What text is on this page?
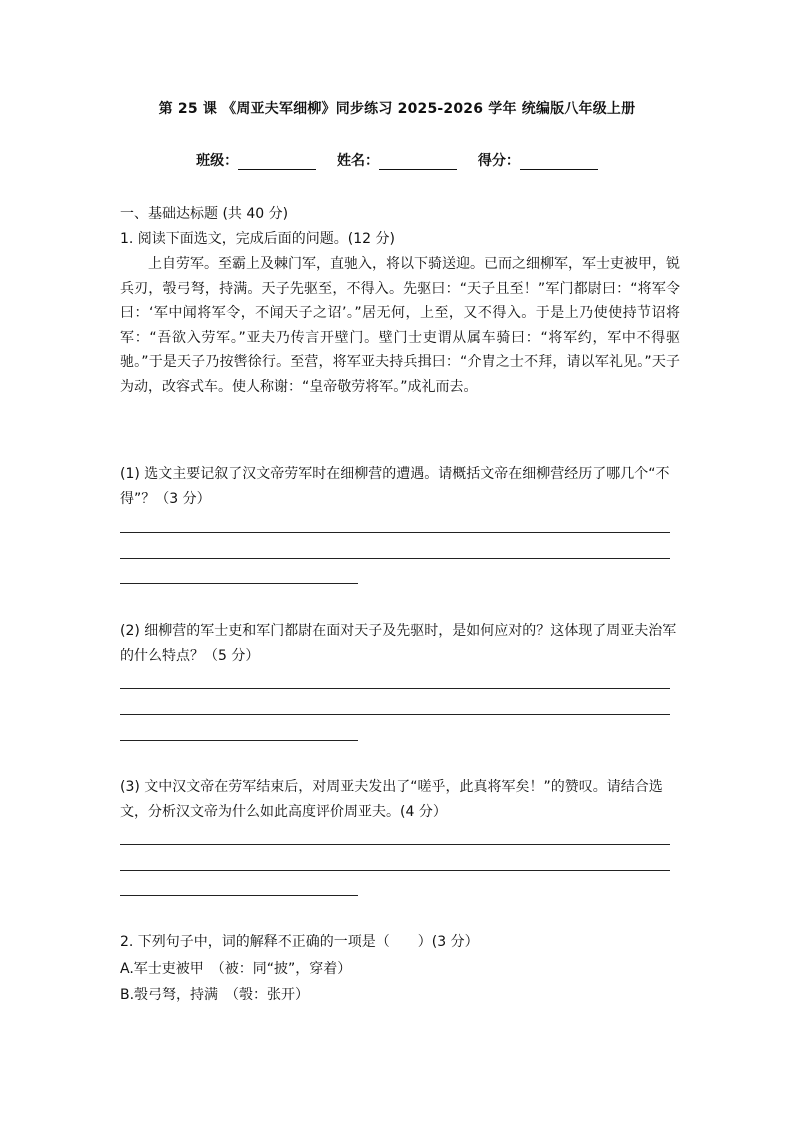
第 25 课 《周亚夫军细柳》同步练习 2025-2026 学年 统编版八年级上册
班级：	姓名：	得分：
一、基础达标题 (共 40 分)
1. 阅读下面选文，完成后面的问题。(12 分)

上自劳军。至霸上及棘门军，直驰入，将以下骑送迎。已而之细柳军，军士吏被甲，锐兵刃，彀弓弩，持满。天子先驱至，不得入。先驱曰：“天子且至！”军门都尉曰：“将军令曰：‘军中闻将军令，不闻天子之诏’。”居无何，上至，又不得入。于是上乃使使持节诏将军：“吾欲入劳军。”亚夫乃传言开壁门。壁门士吏谓从属车骑曰：“将军约，军中不得驱驰。”于是天子乃按辔徐行。至营，将军亚夫持兵揖曰：“介胄之士不拜，请以军礼见。”天子为动，改容式车。使人称谢：“皇帝敬劳将军。”成礼而去。

(1) 选文主要记叙了汉文帝劳军时在细柳营的遭遇。请概括文帝在细柳营经历了哪几个“不得”？（3 分）
(2) 细柳营的军士吏和军门都尉在面对天子及先驱时，是如何应对的？这体现了周亚夫治军的什么特点？（5 分）
(3) 文中汉文帝在劳军结束后，对周亚夫发出了“嗟乎，此真将军矣！”的赞叹。请结合选文，分析汉文帝为什么如此高度评价周亚夫。(4 分）
2. 下列句子中，词的解释不正确的一项是（　　）(3 分）
A.军士吏被甲　（被：同“披”，穿着）
B.彀弓弩，持满　（彀：张开）
